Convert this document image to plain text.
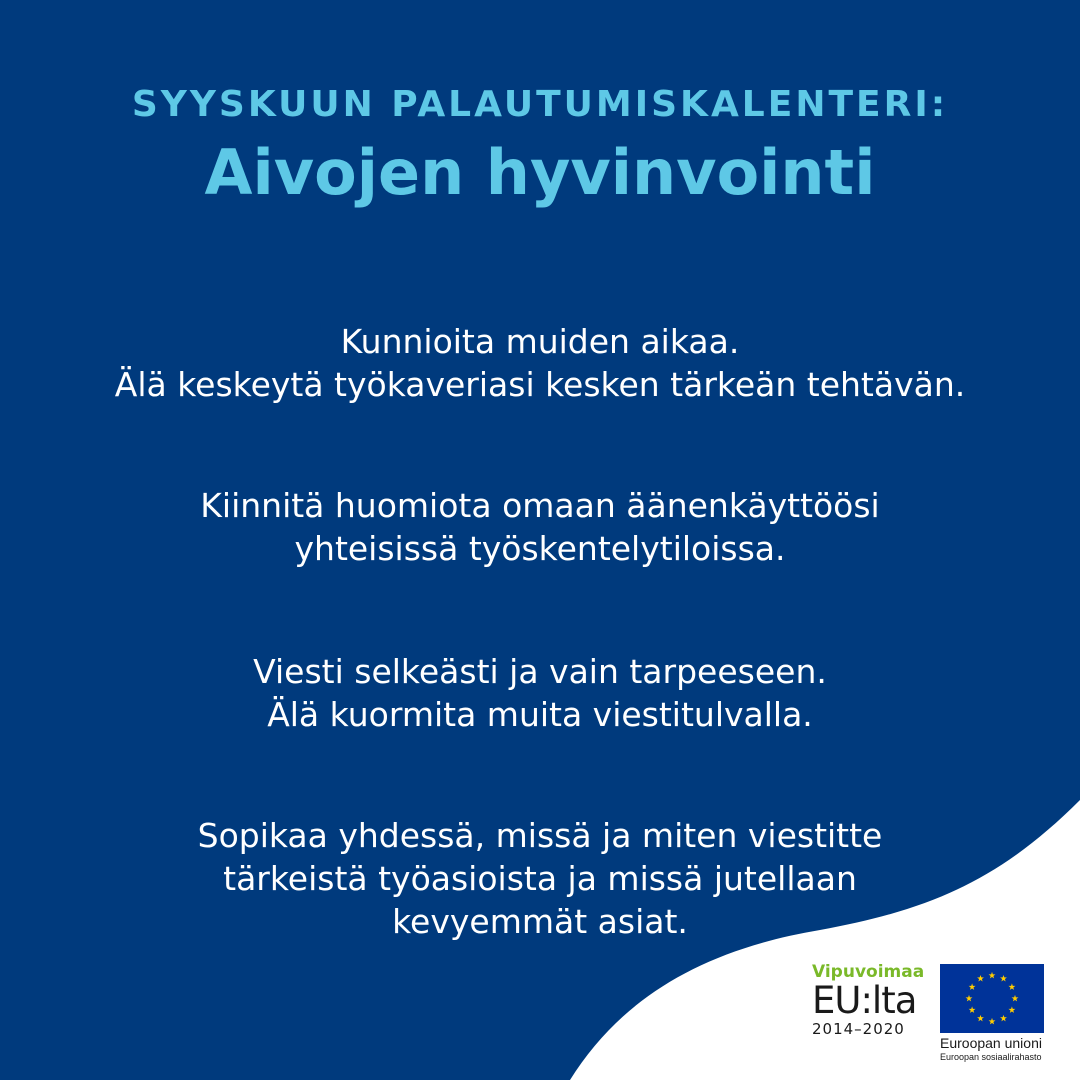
SYYSKUUN PALAUTUMISKALENTERI:
Aivojen hyvinvointi
Kunnioita muiden aikaa.
Älä keskeytä työkaveriasi kesken tärkeän tehtävän.
Kiinnitä huomiota omaan äänenkäyttöösi
yhteisissä työskentelytiloissa.
Viesti selkeästi ja vain tarpeeseen.
Älä kuormita muita viestitulvalla.
Sopikaa yhdessä, missä ja miten viestitte
tärkeistä työasioista ja missä jutellaan
kevyemmät asiat.
Vipuvoimaa
EU:lta
2014–2020
Euroopan unioni
Euroopan sosiaalirahasto
